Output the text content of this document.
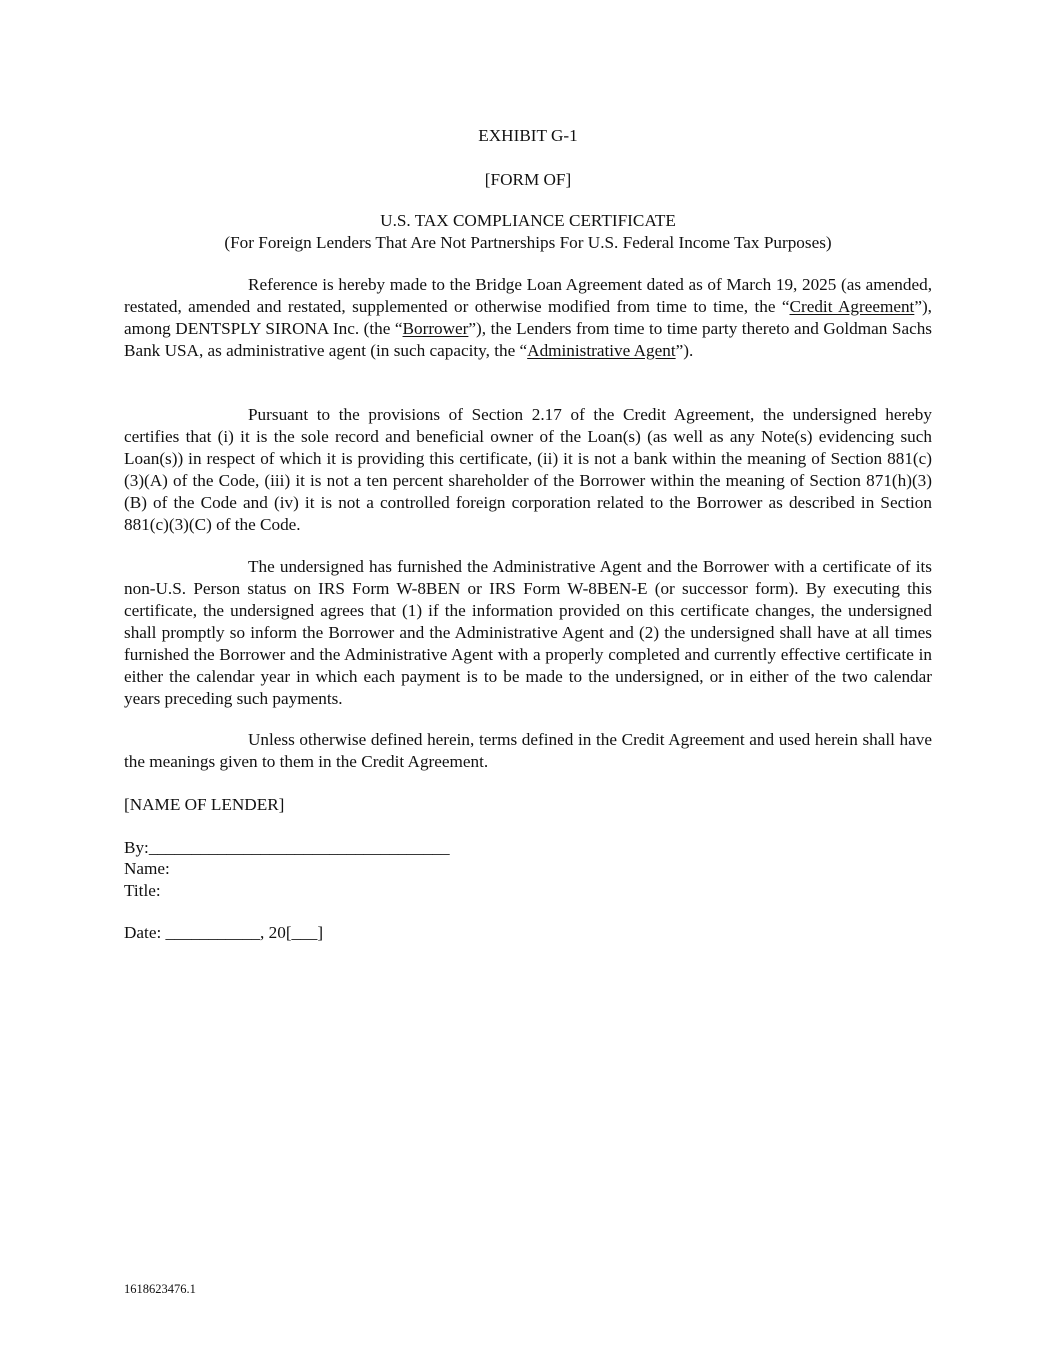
EXHIBIT G-1
[FORM OF]
U.S. TAX COMPLIANCE CERTIFICATE
(For Foreign Lenders That Are Not Partnerships For U.S. Federal Income Tax Purposes)
Reference is hereby made to the Bridge Loan Agreement dated as of March 19, 2025 (as amended, restated, amended and restated, supplemented or otherwise modified from time to time, the “Credit Agreement”), among DENTSPLY SIRONA Inc. (the “Borrower”), the Lenders from time to time party thereto and Goldman Sachs Bank USA, as administrative agent (in such capacity, the “Administrative Agent”).
Pursuant to the provisions of Section 2.17 of the Credit Agreement, the undersigned hereby certifies that (i) it is the sole record and beneficial owner of the Loan(s) (as well as any Note(s) evidencing such Loan(s)) in respect of which it is providing this certificate, (ii) it is not a bank within the meaning of Section 881(c)(3)(A) of the Code, (iii) it is not a ten percent shareholder of the Borrower within the meaning of Section 871(h)(3)(B) of the Code and (iv) it is not a controlled foreign corporation related to the Borrower as described in Section 881(c)(3)(C) of the Code.
The undersigned has furnished the Administrative Agent and the Borrower with a certificate of its non-U.S. Person status on IRS Form W-8BEN or IRS Form W-8BEN-E (or successor form). By executing this certificate, the undersigned agrees that (1) if the information provided on this certificate changes, the undersigned shall promptly so inform the Borrower and the Administrative Agent and (2) the undersigned shall have at all times furnished the Borrower and the Administrative Agent with a properly completed and currently effective certificate in either the calendar year in which each payment is to be made to the undersigned, or in either of the two calendar years preceding such payments.
Unless otherwise defined herein, terms defined in the Credit Agreement and used herein shall have the meanings given to them in the Credit Agreement.
[NAME OF LENDER]
By:___________________________________
Name:
Title:
Date: ___________, 20[___]
1618623476.1
